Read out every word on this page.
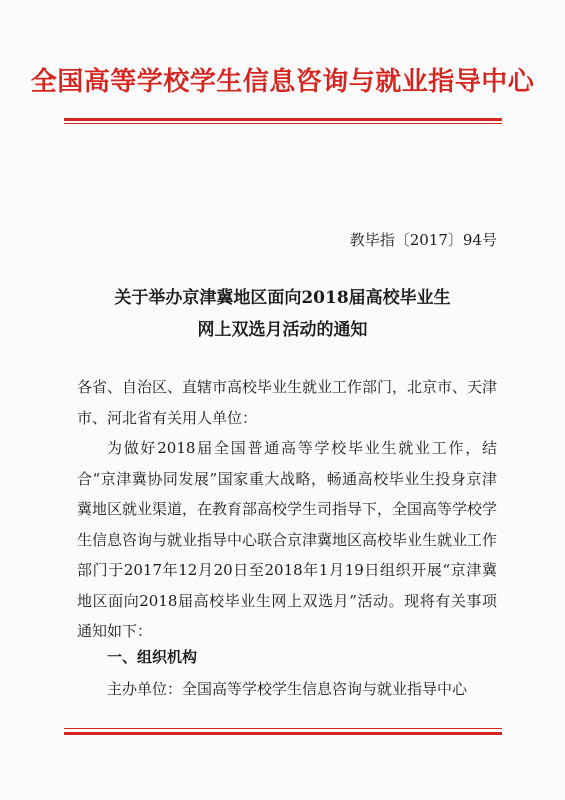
全国高等学校学生信息咨询与就业指导中心
教毕指〔2017〕94号
关于举办京津冀地区面向2018届高校毕业生
网上双选月活动的通知
各省、自治区、直辖市高校毕业生就业工作部门，北京市、天津市、河北省有关用人单位：
为做好2018届全国普通高等学校毕业生就业工作，结合“京津冀协同发展”国家重大战略，畅通高校毕业生投身京津冀地区就业渠道，在教育部高校学生司指导下，全国高等学校学生信息咨询与就业指导中心联合京津冀地区高校毕业生就业工作部门于2017年12月20日至2018年1月19日组织开展“京津冀地区面向2018届高校毕业生网上双选月”活动。现将有关事项通知如下：
一、组织机构
主办单位：全国高等学校学生信息咨询与就业指导中心
